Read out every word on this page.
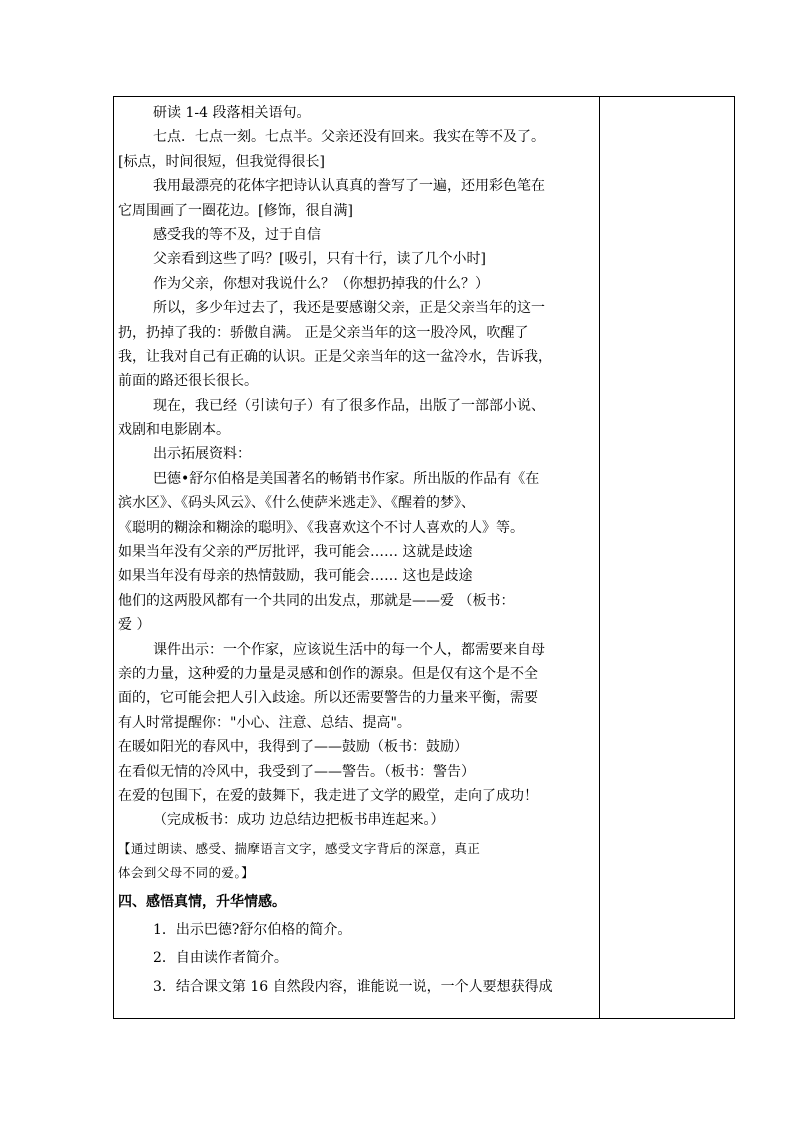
研读 1-4 段落相关语句。
七点．七点一刻。七点半。父亲还没有回来。我实在等不及了。
[标点，时间很短，但我觉得很长]
我用最漂亮的花体字把诗认认真真的誊写了一遍，还用彩色笔在
它周围画了一圈花边。[修饰，很自满]
感受我的等不及，过于自信
父亲看到这些了吗？[吸引，只有十行，读了几个小时]
作为父亲，你想对我说什么？（你想扔掉我的什么？）
所以，多少年过去了，我还是要感谢父亲，正是父亲当年的这一
扔，扔掉了我的：骄傲自满。 正是父亲当年的这一股冷风，吹醒了
我，让我对自己有正确的认识。正是父亲当年的这一盆冷水，告诉我，
前面的路还很长很长。
现在，我已经（引读句子）有了很多作品，出版了一部部小说、
戏剧和电影剧本。
出示拓展资料：
巴德•舒尔伯格是美国著名的畅销书作家。所出版的作品有《在
滨水区》、《码头风云》、《什么使萨米逃走》、《醒着的梦》、
《聪明的糊涂和糊涂的聪明》、《我喜欢这个不讨人喜欢的人》等。
如果当年没有父亲的严厉批评，我可能会…… 这就是歧途
如果当年没有母亲的热情鼓励，我可能会…… 这也是歧途
他们的这两股风都有一个共同的出发点，那就是——爱 （板书：
爱 ）
课件出示：一个作家，应该说生活中的每一个人，都需要来自母
亲的力量，这种爱的力量是灵感和创作的源泉。但是仅有这个是不全
面的，它可能会把人引入歧途。所以还需要警告的力量来平衡，需要
有人时常提醒你："小心、注意、总结、提高"。
在暖如阳光的春风中，我得到了——鼓励（板书：鼓励）
在看似无情的冷风中，我受到了——警告。（板书：警告）
在爱的包围下，在爱的鼓舞下，我走进了文学的殿堂，走向了成功！
（完成板书：成功 边总结边把板书串连起来。）
【通过朗读、感受、揣摩语言文字，感受文字背后的深意，真正
体会到父母不同的爱。】
四、感悟真情，升华情感。
1．出示巴德?舒尔伯格的简介。
2．自由读作者简介。
3．结合课文第 16 自然段内容，谁能说一说，一个人要想获得成
